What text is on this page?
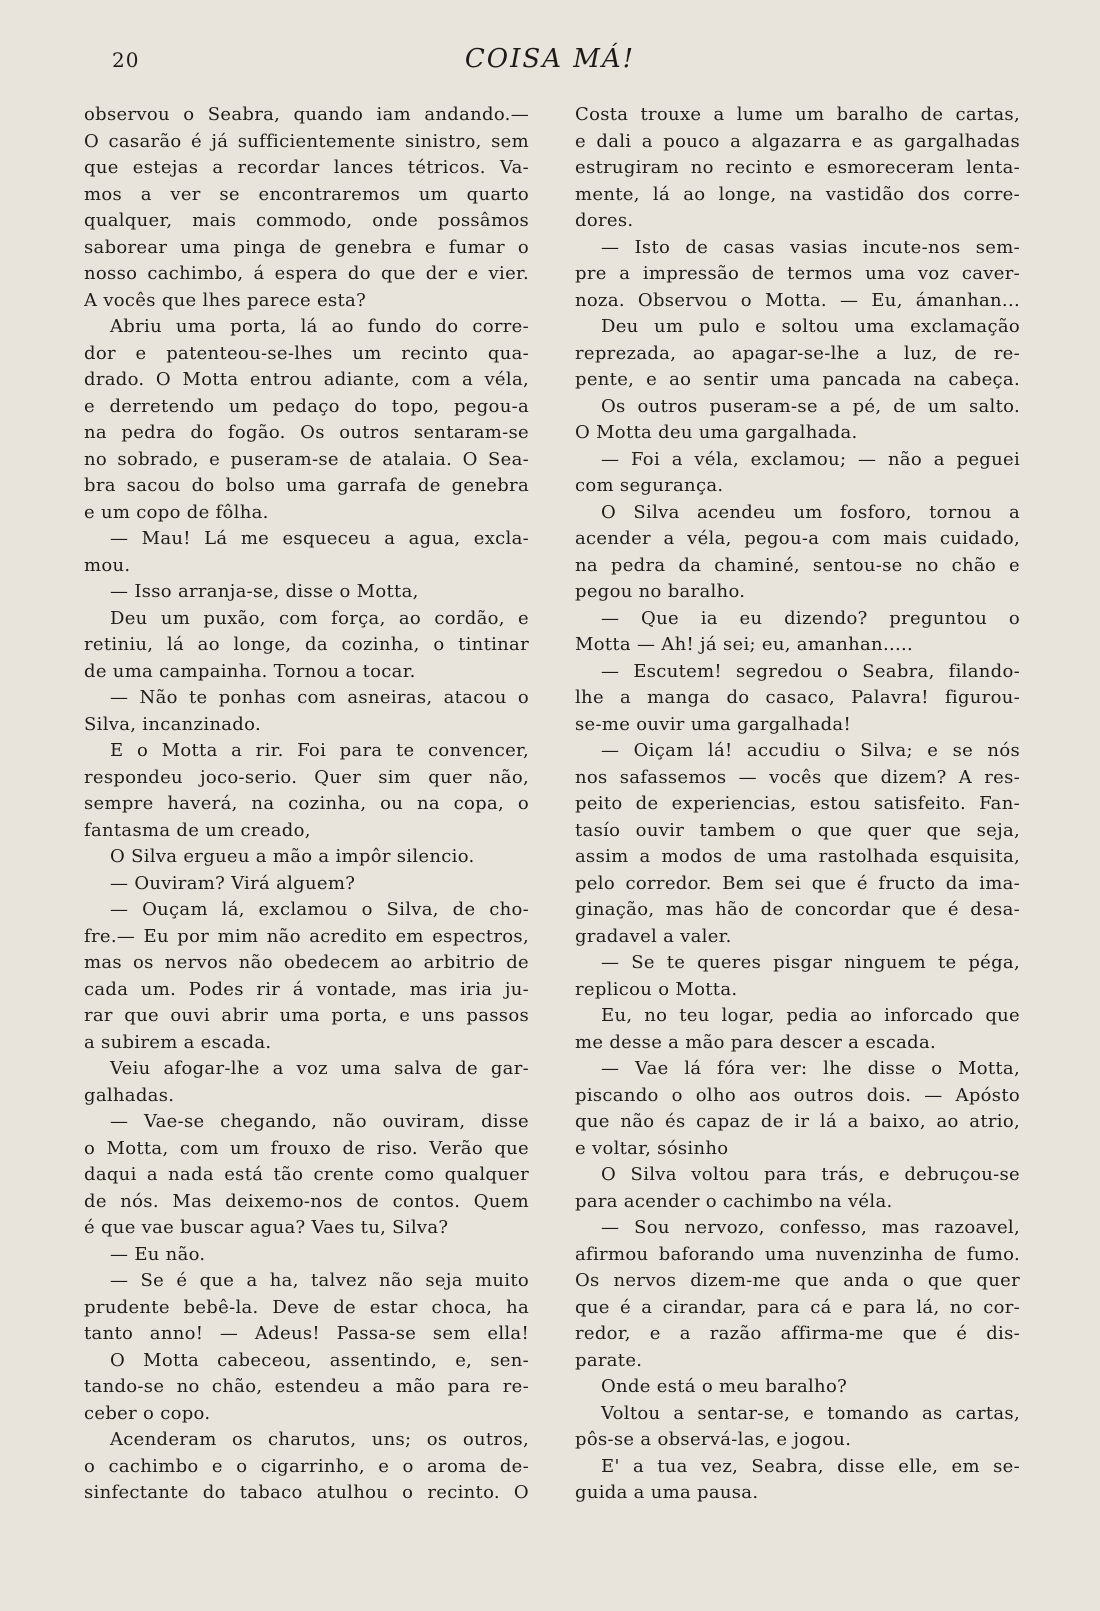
20	COISA MÁ!
observou o Seabra, quando iam andando.—
O casarão é já sufficientemente sinistro, sem
que estejas a recordar lances tétricos. Va-
mos a ver se encontraremos um quarto
qualquer, mais commodo, onde possâmos
saborear uma pinga de genebra e fumar o
nosso cachimbo, á espera do que der e vier.
A vocês que lhes parece esta?
Abriu uma porta, lá ao fundo do corre-
dor e patenteou-se-lhes um recinto qua-
drado. O Motta entrou adiante, com a véla,
e derretendo um pedaço do topo, pegou-a
na pedra do fogão. Os outros sentaram-se
no sobrado, e puseram-se de atalaia. O Sea-
bra sacou do bolso uma garrafa de genebra
e um copo de fôlha.
— Mau! Lá me esqueceu a agua, excla-
mou.
— Isso arranja-se, disse o Motta,
Deu um puxão, com força, ao cordão, e
retiniu, lá ao longe, da cozinha, o tintinar
de uma campainha. Tornou a tocar.
— Não te ponhas com asneiras, atacou o
Silva, incanzinado.
E o Motta a rir. Foi para te convencer,
respondeu joco-serio. Quer sim quer não,
sempre haverá, na cozinha, ou na copa, o
fantasma de um creado,
O Silva ergueu a mão a impôr silencio.
— Ouviram? Virá alguem?
— Ouçam lá, exclamou o Silva, de cho-
fre.— Eu por mim não acredito em espectros,
mas os nervos não obedecem ao arbitrio de
cada um. Podes rir á vontade, mas iria ju-
rar que ouvi abrir uma porta, e uns passos
a subirem a escada.
Veiu afogar-lhe a voz uma salva de gar-
galhadas.
— Vae-se chegando, não ouviram, disse
o Motta, com um frouxo de riso. Verão que
daqui a nada está tão crente como qualquer
de nós. Mas deixemo-nos de contos. Quem
é que vae buscar agua? Vaes tu, Silva?
— Eu não.
— Se é que a ha, talvez não seja muito
prudente bebê-la. Deve de estar choca, ha
tanto anno! — Adeus! Passa-se sem ella!
O Motta cabeceou, assentindo, e, sen-
tando-se no chão, estendeu a mão para re-
ceber o copo.
Acenderam os charutos, uns; os outros,
o cachimbo e o cigarrinho, e o aroma de-
sinfectante do tabaco atulhou o recinto. O
Costa trouxe a lume um baralho de cartas,
e dali a pouco a algazarra e as gargalhadas
estrugiram no recinto e esmoreceram lenta-
mente, lá ao longe, na vastidão dos corre-
dores.
— Isto de casas vasias incute-nos sem-
pre a impressão de termos uma voz caver-
noza. Observou o Motta. — Eu, ámanhan...
Deu um pulo e soltou uma exclamação
reprezada, ao apagar-se-lhe a luz, de re-
pente, e ao sentir uma pancada na cabeça.
Os outros puseram-se a pé, de um salto.
O Motta deu uma gargalhada.
— Foi a véla, exclamou; — não a peguei
com segurança.
O Silva acendeu um fosforo, tornou a
acender a véla, pegou-a com mais cuidado,
na pedra da chaminé, sentou-se no chão e
pegou no baralho.
— Que ia eu dizendo? preguntou o
Motta — Ah! já sei; eu, amanhan.....
— Escutem! segredou o Seabra, filando-
lhe a manga do casaco, Palavra! figurou-
se-me ouvir uma gargalhada!
— Oiçam lá! accudiu o Silva; e se nós
nos safassemos — vocês que dizem? A res-
peito de experiencias, estou satisfeito. Fan-
tasío ouvir tambem o que quer que seja,
assim a modos de uma rastolhada esquisita,
pelo corredor. Bem sei que é fructo da ima-
ginação, mas hão de concordar que é desa-
gradavel a valer.
— Se te queres pisgar ninguem te péga,
replicou o Motta.
Eu, no teu logar, pedia ao inforcado que
me desse a mão para descer a escada.
— Vae lá fóra ver: lhe disse o Motta,
piscando o olho aos outros dois. — Apósto
que não és capaz de ir lá a baixo, ao atrio,
e voltar, sósinho
O Silva voltou para trás, e debruçou-se
para acender o cachimbo na véla.
— Sou nervozo, confesso, mas razoavel,
afirmou baforando uma nuvenzinha de fumo.
Os nervos dizem-me que anda o que quer
que é a cirandar, para cá e para lá, no cor-
redor, e a razão affirma-me que é dis-
parate.
Onde está o meu baralho?
Voltou a sentar-se, e tomando as cartas,
pôs-se a observá-las, e jogou.
E' a tua vez, Seabra, disse elle, em se-
guida a uma pausa.
